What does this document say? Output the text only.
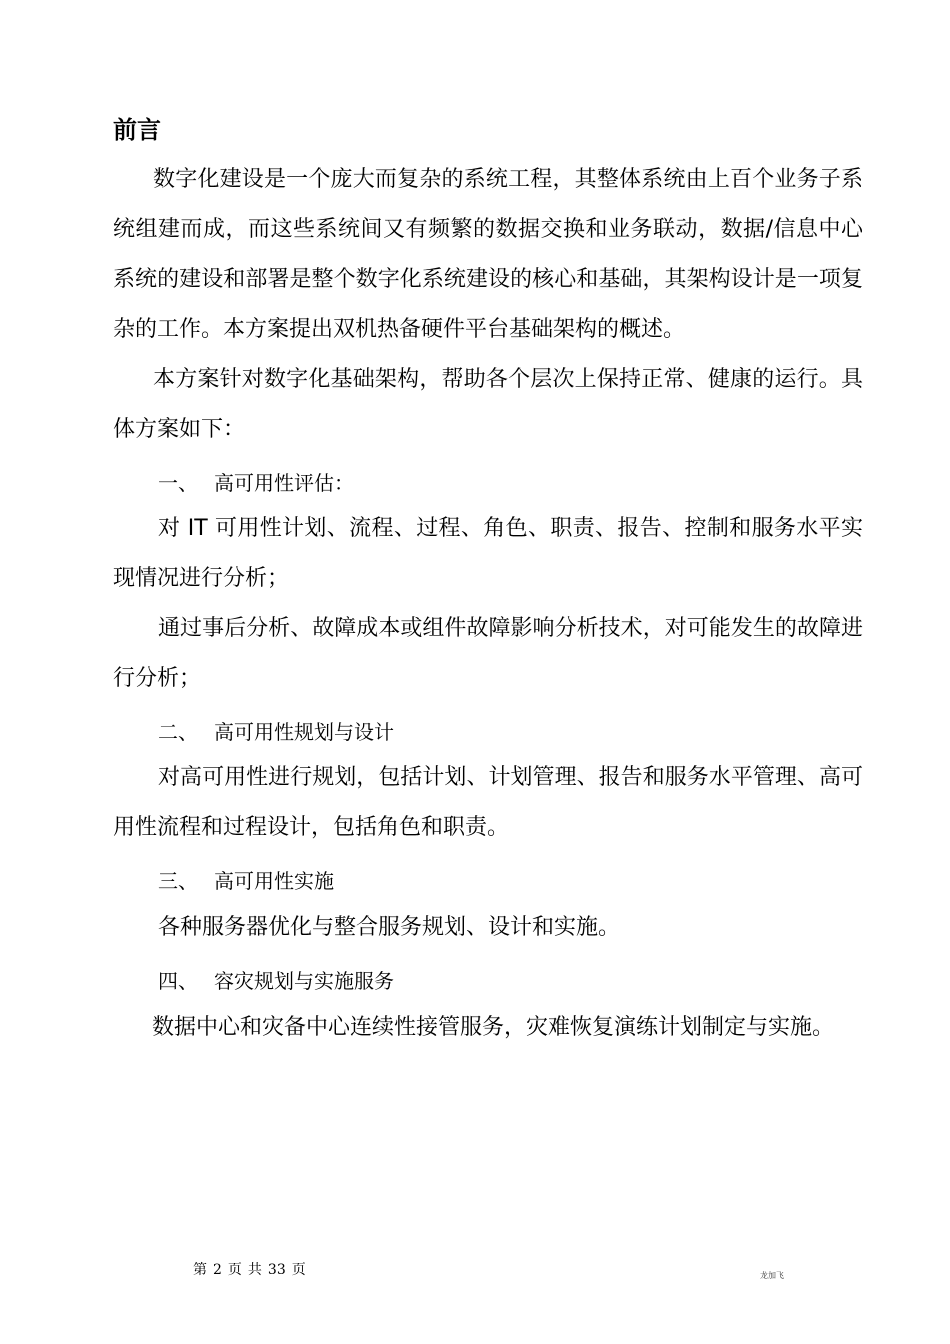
前言

数字化建设是一个庞大而复杂的系统工程，其整体系统由上百个业务子系统组建而成，而这些系统间又有频繁的数据交换和业务联动，数据/信息中心系统的建设和部署是整个数字化系统建设的核心和基础，其架构设计是一项复杂的工作。本方案提出双机热备硬件平台基础架构的概述。

本方案针对数字化基础架构，帮助各个层次上保持正常、健康的运行。具体方案如下：

一、 高可用性评估：

对 IT 可用性计划、流程、过程、角色、职责、报告、控制和服务水平实现情况进行分析；

通过事后分析、故障成本或组件故障影响分析技术，对可能发生的故障进行分析；

二、 高可用性规划与设计

对高可用性进行规划，包括计划、计划管理、报告和服务水平管理、高可用性流程和过程设计，包括角色和职责。

三、 高可用性实施

各种服务器优化与整合服务规划、设计和实施。

四、 容灾规划与实施服务

数据中心和灾备中心连续性接管服务，灾难恢复演练计划制定与实施。

第 2 页 共 33 页	龙加飞
